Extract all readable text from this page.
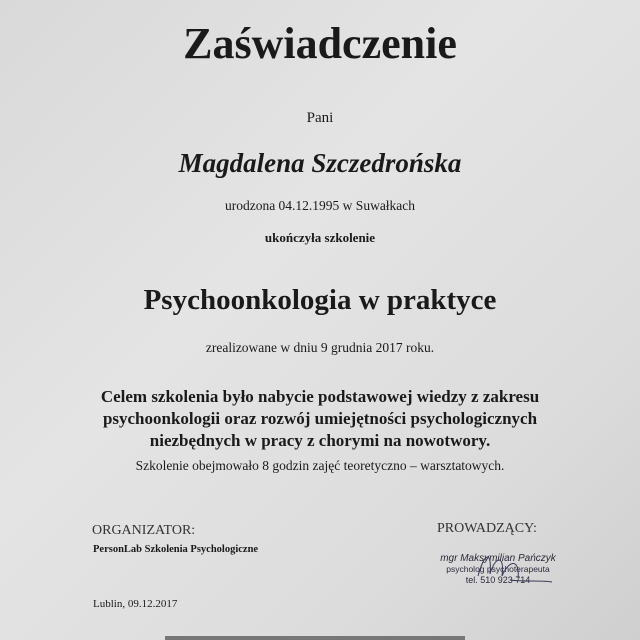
Zaświadczenie
Pani
Magdalena Szczedrońska
urodzona 04.12.1995 w Suwałkach
ukończyła szkolenie
Psychoonkologia w praktyce
zrealizowane w dniu 9 grudnia 2017 roku.
Celem szkolenia było nabycie podstawowej wiedzy z zakresu
psychoonkologii oraz rozwój umiejętności psychologicznych
niezbędnych w pracy z chorymi na nowotwory.
Szkolenie obejmowało 8 godzin zajęć teoretyczno – warsztatowych.
ORGANIZATOR:
PersonLab Szkolenia Psychologiczne
Lublin, 09.12.2017
PROWADZĄCY:
mgr Maksymilian Pańczyk
psycholog psychoterapeuta
tel. 510 923 714
